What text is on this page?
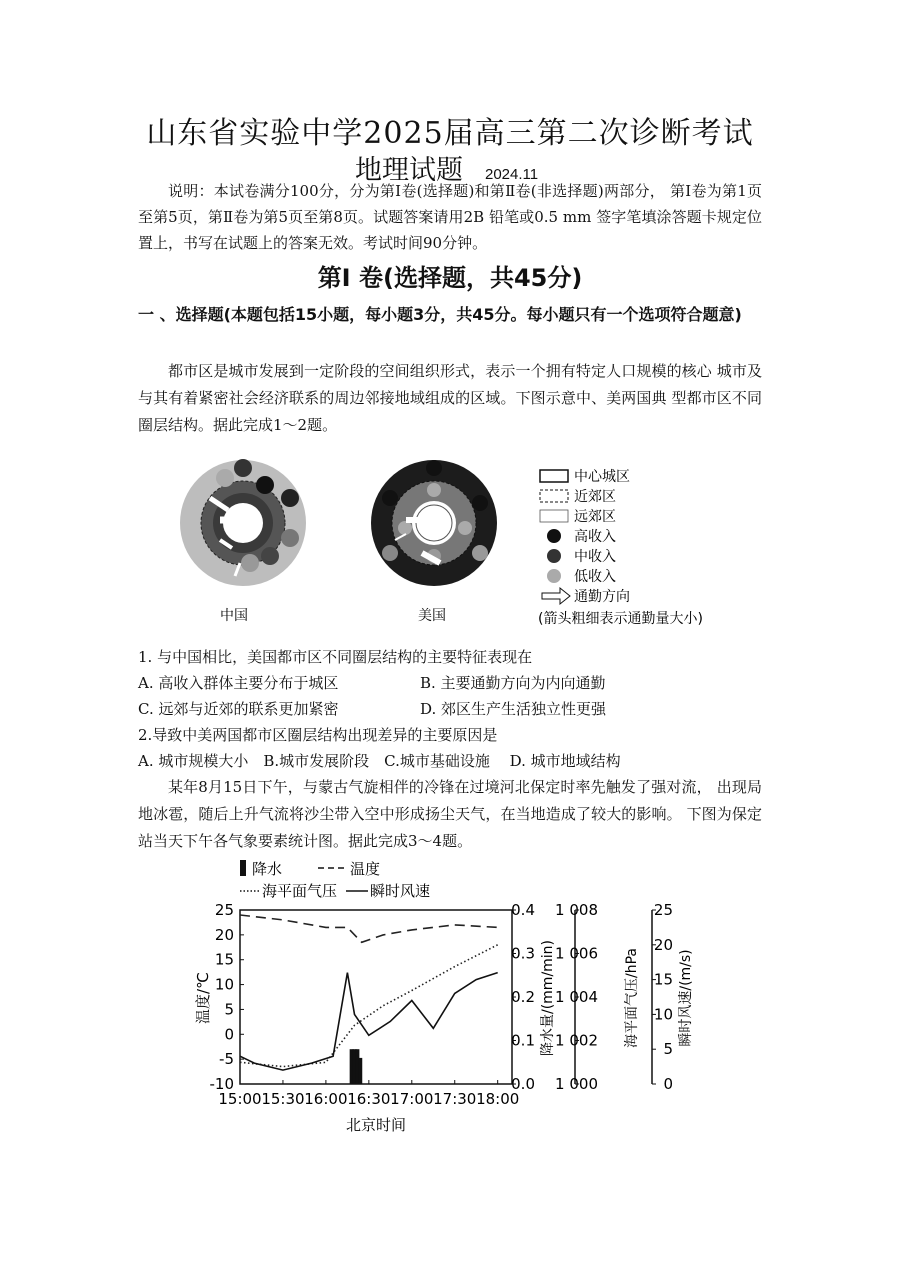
山东省实验中学2025届高三第二次诊断考试
地理试题 2024.11
说明：本试卷满分100分，分为第Ⅰ卷(选择题)和第Ⅱ卷(非选择题)两部分， 第Ⅰ卷为第1页至第5页，第Ⅱ卷为第5页至第8页。试题答案请用2B 铅笔或0.5 mm 签字笔填涂答题卡规定位置上，书写在试题上的答案无效。考试时间90分钟。
第Ⅰ 卷(选择题，共45分)
一 、选择题(本题包括15小题，每小题3分，共45分。每小题只有一个选项符合题意)
都市区是城市发展到一定阶段的空间组织形式，表示一个拥有特定人口规模的核心 城市及与其有着紧密社会经济联系的周边邻接地域组成的区域。下图示意中、美两国典 型都市区不同圈层结构。据此完成1～2题。
中国	美国
中心城区
近郊区
远郊区
高收入
中收入
低收入
通勤方向
(箭头粗细表示通勤量大小)
1. 与中国相比，美国都市区不同圈层结构的主要特征表现在
A. 高收入群体主要分布于城区	B. 主要通勤方向为内向通勤
C. 远郊与近郊的联系更加紧密	D. 郊区生产生活独立性更强
2.导致中美两国都市区圈层结构出现差异的主要原因是
A. 城市规模大小　B.城市发展阶段　C.城市基础设施　 D. 城市地域结构
某年8月15日下午，与蒙古气旋相伴的冷锋在过境河北保定时率先触发了强对流， 出现局地冰雹，随后上升气流将沙尘带入空中形成扬尘天气，在当地造成了较大的影响。 下图为保定站当天下午各气象要素统计图。据此完成3～4题。
降水	温度
海平面气压 瞬时风速
温度/℃	降水量/(mm/min)	海平面气压/hPa	瞬时风速/(m/s)
北京时间
15:00 15:30 16:00 16:30 17:00 17:30 18:00
25
20
15
10
5
0
-5
-10
0.4
0.3
0.2
0.1
0.0
1 008
1 006
1 004
1 002
1 000
25
20
15
10
5
0
